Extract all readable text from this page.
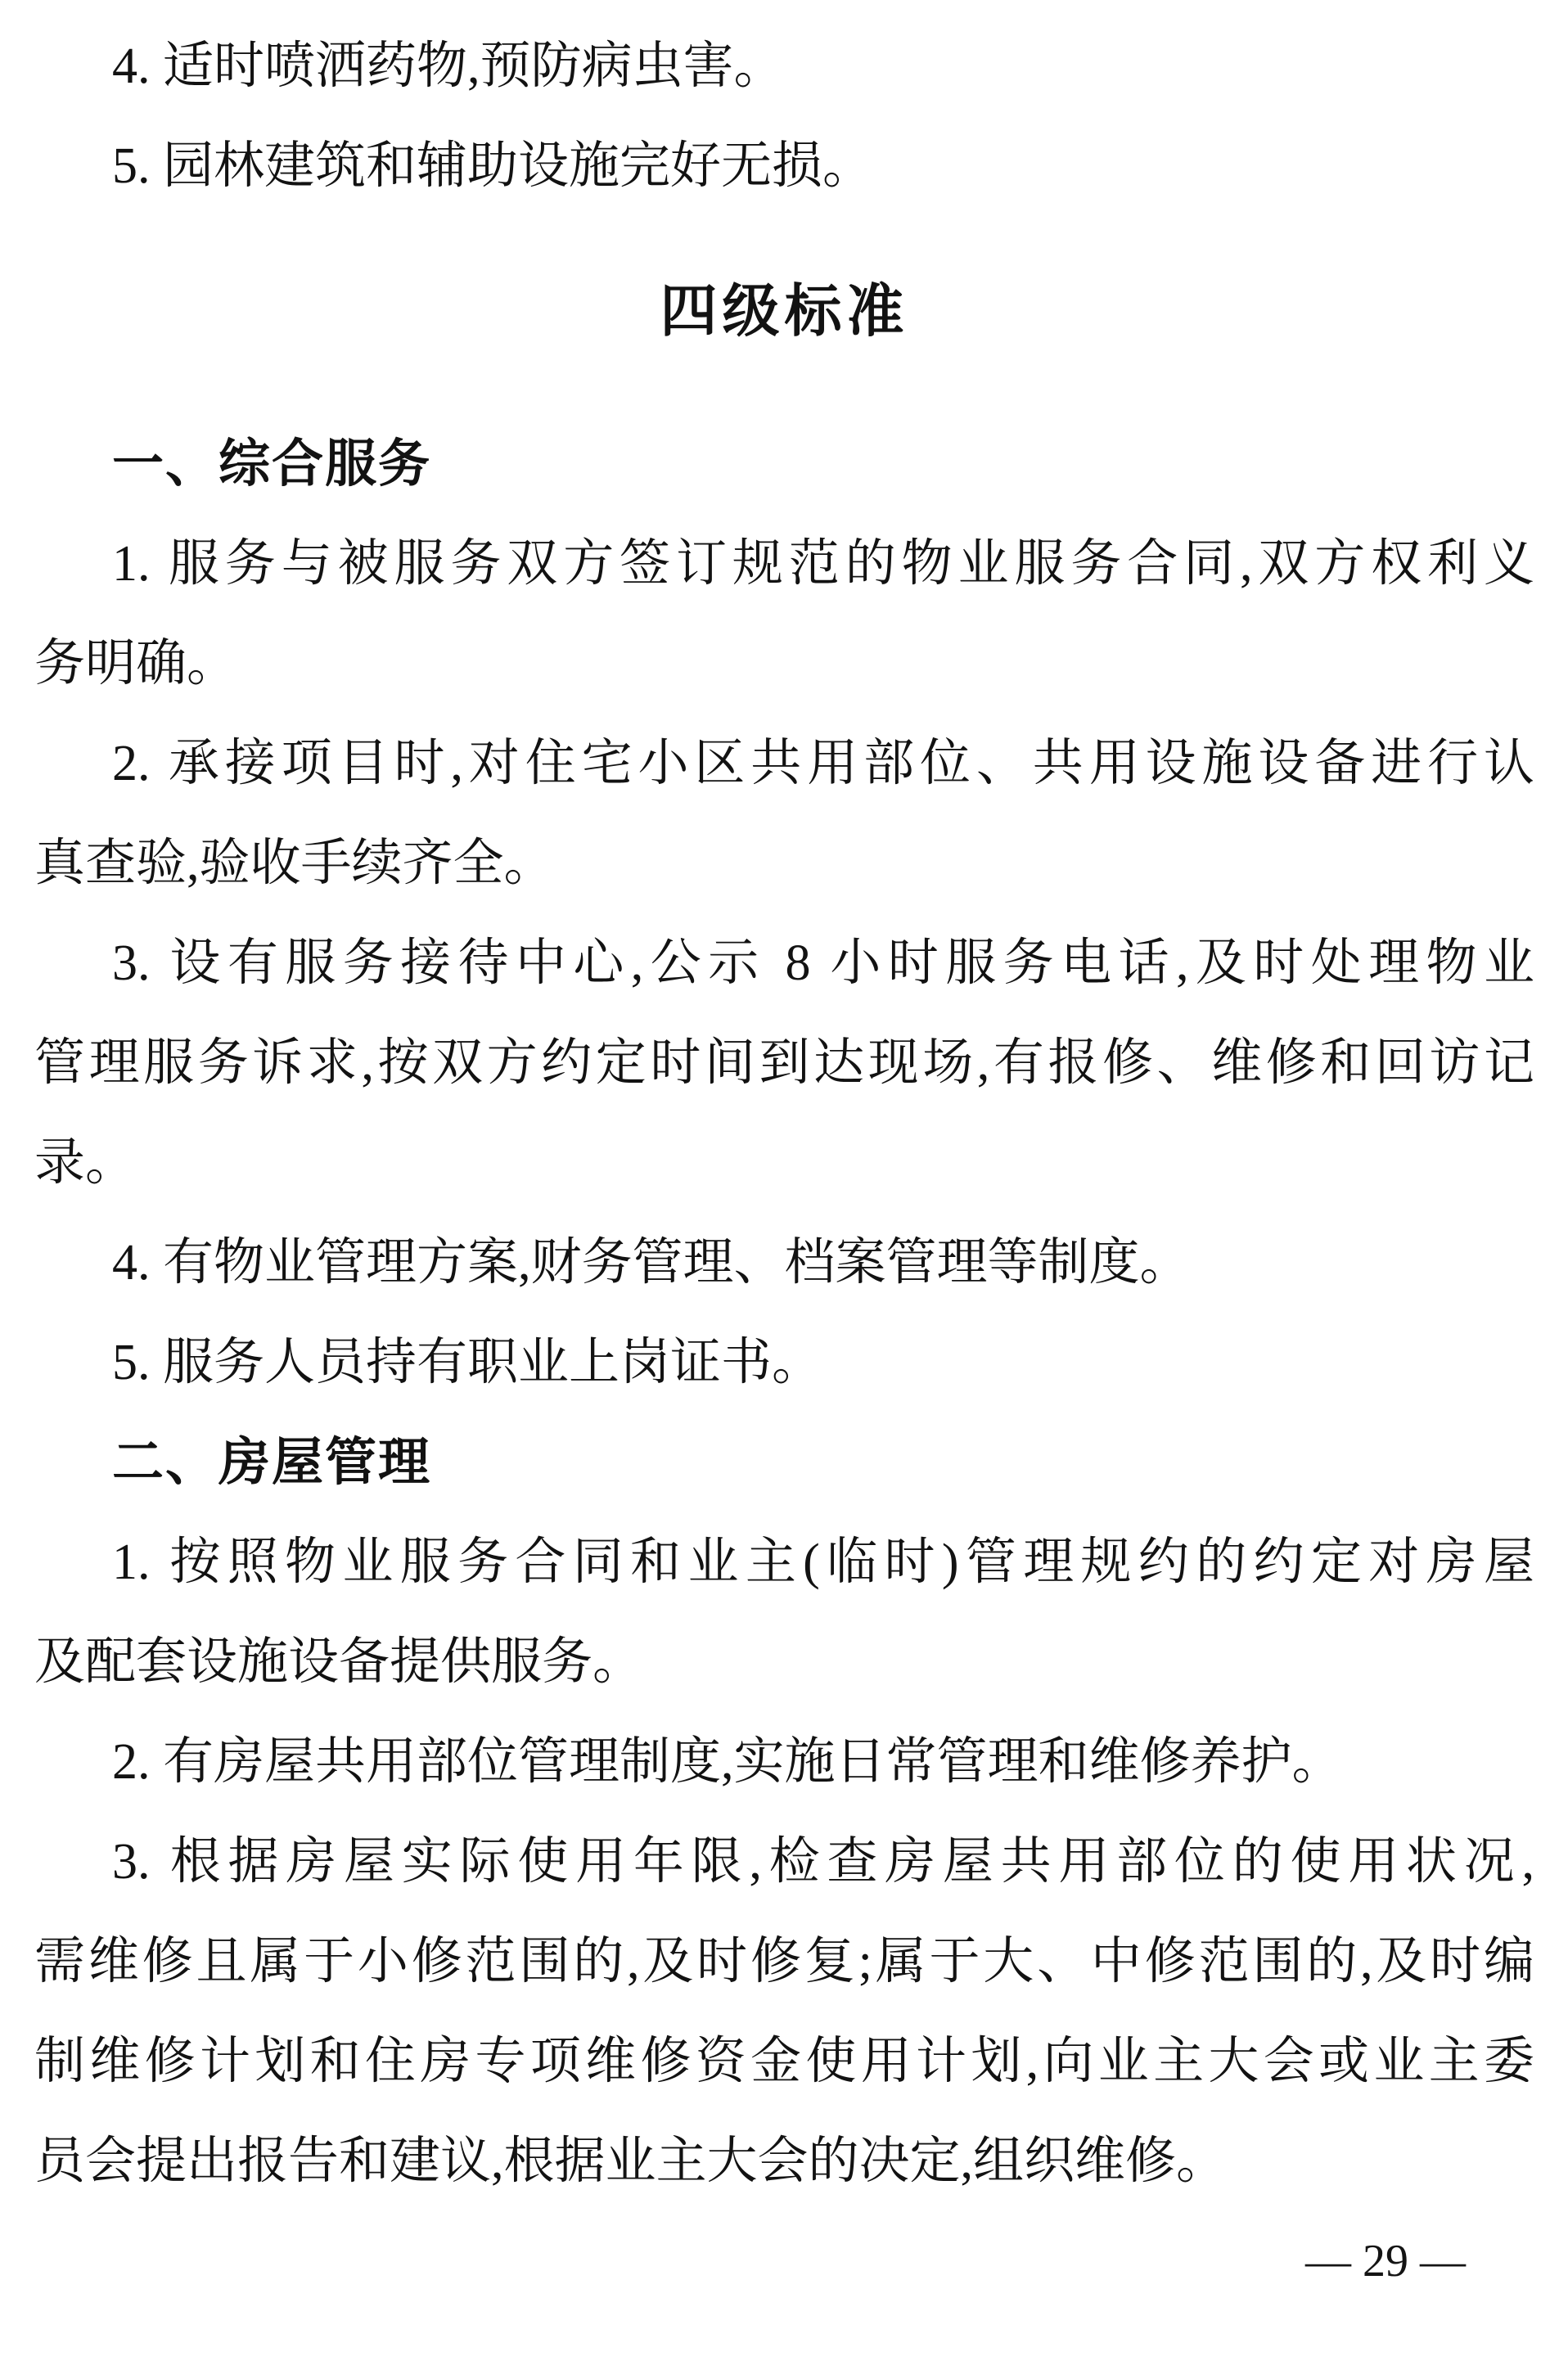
4. 适时喷洒药物,预防病虫害。
5. 园林建筑和辅助设施完好无损。
四级标准
一、综合服务
1. 服务与被服务双方签订规范的物业服务合同,双方权利义
务明确。
2. 承接项目时,对住宅小区共用部位、共用设施设备进行认
真查验,验收手续齐全。
3. 设有服务接待中心,公示 8 小时服务电话,及时处理物业
管理服务诉求,按双方约定时间到达现场,有报修、维修和回访记
录。
4. 有物业管理方案,财务管理、档案管理等制度。
5. 服务人员持有职业上岗证书。
二、房屋管理
1. 按照物业服务合同和业主(临时)管理规约的约定对房屋
及配套设施设备提供服务。
2. 有房屋共用部位管理制度,实施日常管理和维修养护。
3. 根据房屋实际使用年限,检查房屋共用部位的使用状况,
需维修且属于小修范围的,及时修复;属于大、中修范围的,及时编
制维修计划和住房专项维修资金使用计划,向业主大会或业主委
员会提出报告和建议,根据业主大会的决定,组织维修。
— 29 —
